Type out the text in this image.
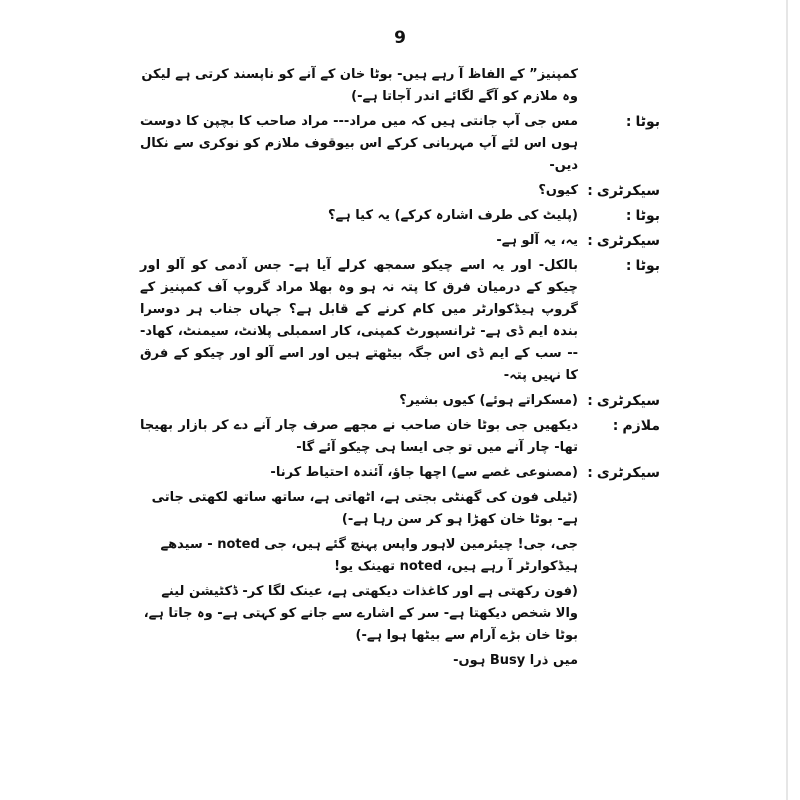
9
کمپنیز” کے الفاظ آ رہے ہیں- بوٹا خان کے آنے کو ناپسند کرتی ہے لیکن وہ ملازم کو آگے لگائے اندر آجاتا ہے-)
بوٹا:
مس جی آپ جانتی ہیں کہ میں مراد--- مراد صاحب کا بچپن کا دوست ہوں اس لئے آپ مہربانی کرکے اس بیوقوف ملازم کو نوکری سے نکال دیں-
سیکرٹری:
کیوں؟
بوٹا:
(پلیٹ کی طرف اشارہ کرکے) یہ کیا ہے؟
سیکرٹری:
یہ، یہ آلو ہے-
بوٹا:
بالکل- اور یہ اسے چیکو سمجھ کرلے آیا ہے- جس آدمی کو آلو اور چیکو کے درمیان فرق کا پتہ نہ ہو وہ بھلا مراد گروپ آف کمپنیز کے گروپ ہیڈکوارٹر میں کام کرنے کے قابل ہے؟ جہاں جناب ہر دوسرا بندہ ایم ڈی ہے- ٹرانسپورٹ کمپنی، کار اسمبلی پلانٹ، سیمنٹ، کھاد--- سب کے ایم ڈی اس جگہ بیٹھتے ہیں اور اسے آلو اور چیکو کے فرق کا نہیں پتہ-
سیکرٹری:
(مسکراتے ہوئے) کیوں بشیر؟
ملازم:
دیکھیں جی بوٹا خان صاحب نے مجھے صرف چار آنے دے کر بازار بھیجا تھا- چار آنے میں تو جی ایسا ہی چیکو آئے گا-
سیکرٹری:
(مصنوعی غصے سے) اچھا جاؤ، آئندہ احتیاط کرنا-
(ٹیلی فون کی گھنٹی بجتی ہے، اٹھاتی ہے، ساتھ ساتھ لکھتی جاتی ہے- بوٹا خان کھڑا ہو کر سن رہا ہے-)
جی، جی! چیئرمین لاہور واپس پہنچ گئے ہیں، جی noted - سیدھے ہیڈکوارٹر آ رہے ہیں، noted تھینک یو!
(فون رکھتی ہے اور کاغذات دیکھتی ہے، عینک لگا کر- ڈکٹیشن لینے والا شخص دیکھتا ہے- سر کے اشارے سے جانے کو کہتی ہے- وہ جاتا ہے، بوٹا خان بڑے آرام سے بیٹھا ہوا ہے-)
میں ذرا Busy ہوں-
